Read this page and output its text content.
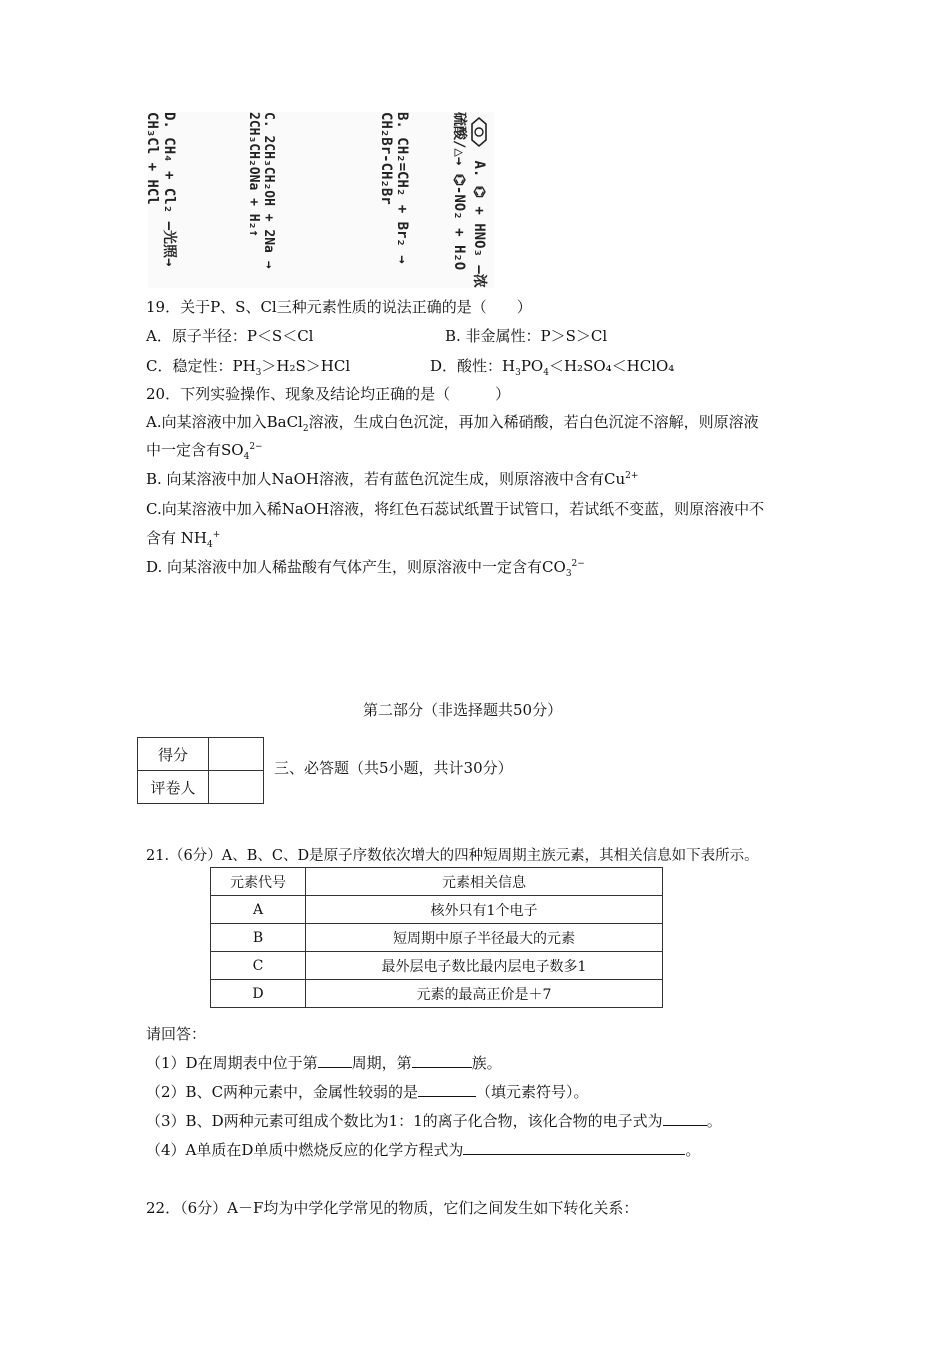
A. ⌬ + HNO₃ —浓硫酸/△→ ⌬-NO₂ + H₂O
B. CH₂=CH₂ + Br₂ → CH₂Br-CH₂Br
C. 2CH₃CH₂OH + 2Na → 2CH₃CH₂ONa + H₂↑
D. CH₄ + Cl₂ —光照→ CH₃Cl + HCl
19．关于P、S、Cl三种元素性质的说法正确的是（　　）
A．原子半径：P＜S＜Cl	B. 非金属性：P＞S＞Cl
C．稳定性：$PH_3>H_2S>HCl$	D．酸性：$H_3PO_4<H_2SO_4<HClO_4$
20．下列实验操作、现象及结论均正确的是（　　　）
A.向某溶液中加入BaCl$_2$溶液，生成白色沉淀，再加入稀硝酸，若白色沉淀不溶解，则原溶液
中一定含有$SO_4^{2-}$
B. 向某溶液中加人NaOH溶液，若有蓝色沉淀生成，则原溶液中含有$Cu^{2+}$
C.向某溶液中加入稀NaOH溶液，将红色石蕊试纸置于试管口，若试纸不变蓝，则原溶液中不
含有 $NH_4^+$
D. 向某溶液中加人稀盐酸有气体产生，则原溶液中一定含有$CO_3^{2-}$
第二部分（非选择题共50分）
得分	
评卷人	
三、必答题（共5小题，共计30分）
21.（6分）A、B、C、D是原子序数依次增大的四种短周期主族元素，其相关信息如下表所示。
元素代号	元素相关信息
A	核外只有1个电子
B	短周期中原子半径最大的元素
C	最外层电子数比最内层电子数多1
D	元素的最高正价是＋7
请回答：
（1）D在周期表中位于第 周期，第	族。
（2）B、C两种元素中，金属性较弱的是	（填元素符号）。
（3）B、D两种元素可组成个数比为1：1的离子化合物，该化合物的电子式为	。
（4）A单质在D单质中燃烧反应的化学方程式为	。
22．（6分）A－F均为中学化学常见的物质，它们之间发生如下转化关系：
